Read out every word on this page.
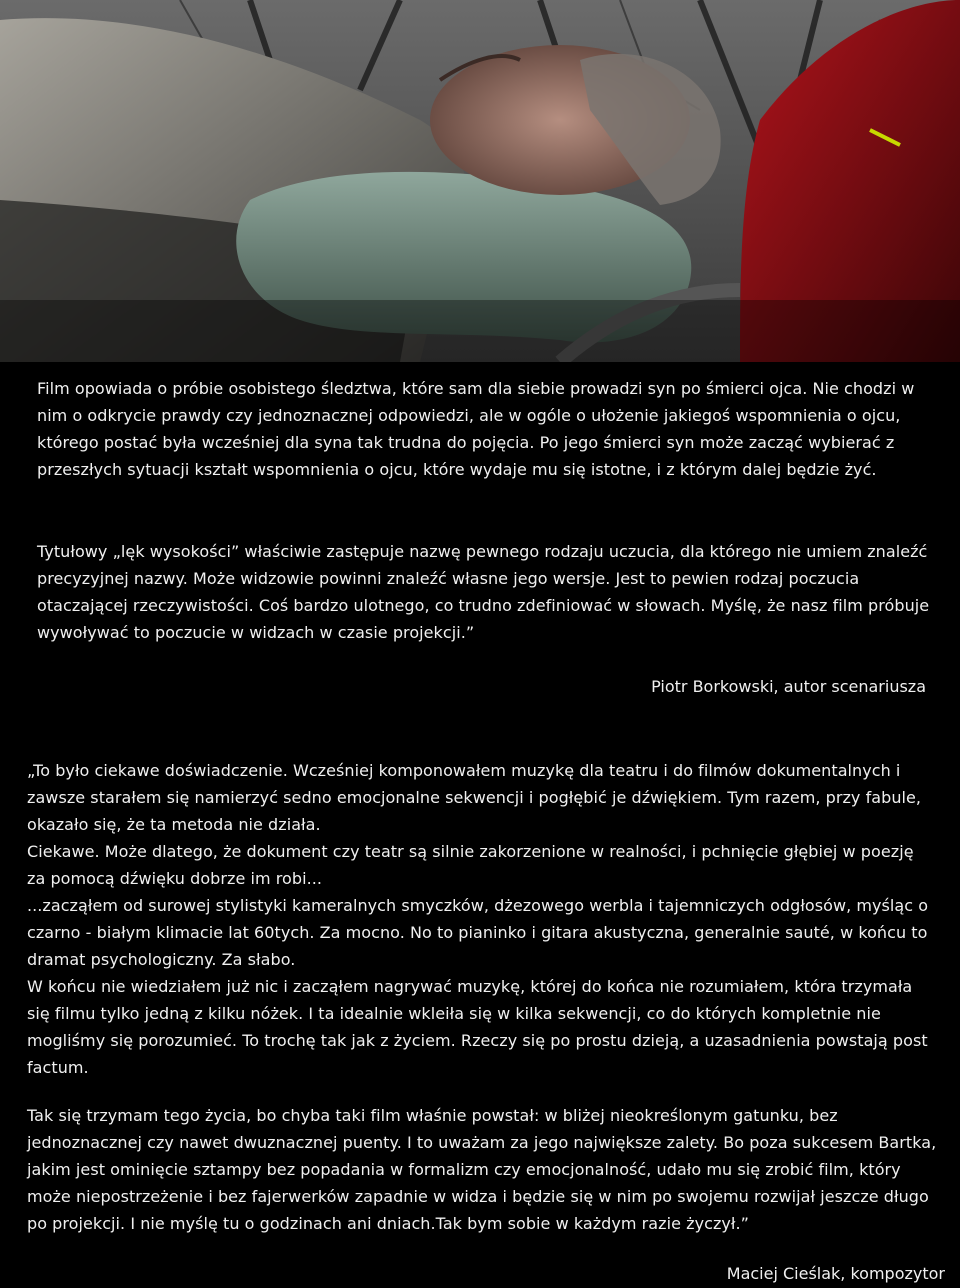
Film opowiada o próbie osobistego śledztwa, które sam dla siebie prowadzi syn po śmierci ojca. Nie chodzi w nim o odkrycie prawdy czy jednoznacznej odpowiedzi, ale w ogóle o ułożenie jakiegoś wspomnienia o ojcu, którego postać była wcześniej dla syna tak trudna do pojęcia. Po jego śmierci syn może zacząć wybierać z przeszłych sytuacji kształt wspomnienia o ojcu, które wydaje mu się istotne, i z którym dalej będzie żyć.

Tytułowy „lęk wysokości” właściwie zastępuje nazwę pewnego rodzaju uczucia, dla którego nie umiem znaleźć precyzyjnej nazwy. Może widzowie powinni znaleźć własne jego wersje. Jest to pewien rodzaj poczucia otaczającej rzeczywistości. Coś bardzo ulotnego, co trudno zdefiniować w słowach. Myślę, że nasz film próbuje wywoływać to poczucie w widzach w czasie projekcji.”

Piotr Borkowski, autor scenariusza

„To było ciekawe doświadczenie. Wcześniej komponowałem muzykę dla teatru i do filmów dokumentalnych i zawsze starałem się namierzyć sedno emocjonalne sekwencji i pogłębić je dźwiękiem. Tym razem, przy fabule, okazało się, że ta metoda nie działa.

Ciekawe. Może dlatego, że dokument czy teatr są silnie zakorzenione w realności, i pchnięcie głębiej w poezję za pomocą dźwięku dobrze im robi...

...zacząłem od surowej stylistyki kameralnych smyczków, dżezowego werbla i tajemniczych odgłosów, myśląc o czarno - białym klimacie lat 60tych. Za mocno. No to pianinko i gitara akustyczna, generalnie sauté, w końcu to dramat psychologiczny. Za słabo.

W końcu nie wiedziałem już nic i zacząłem nagrywać muzykę, której do końca nie rozumiałem, która trzymała się filmu tylko jedną z kilku nóżek. I ta idealnie wkleiła się w kilka sekwencji, co do których kompletnie nie mogliśmy się porozumieć. To trochę tak jak z życiem. Rzeczy się po prostu dzieją, a uzasadnienia powstają post factum.

Tak się trzymam tego życia, bo chyba taki film właśnie powstał: w bliżej nieokreślonym gatunku, bez jednoznacznej czy nawet dwuznacznej puenty. I to uważam za jego największe zalety. Bo poza sukcesem Bartka, jakim jest ominięcie sztampy bez popadania w formalizm czy emocjonalność, udało mu się zrobić film, który może niepostrzeżenie i bez fajerwerków zapadnie w widza i będzie się w nim po swojemu rozwijał jeszcze długo po projekcji. I nie myślę tu o godzinach ani dniach.Tak bym sobie w każdym razie życzył.”

Maciej Cieślak, kompozytor
